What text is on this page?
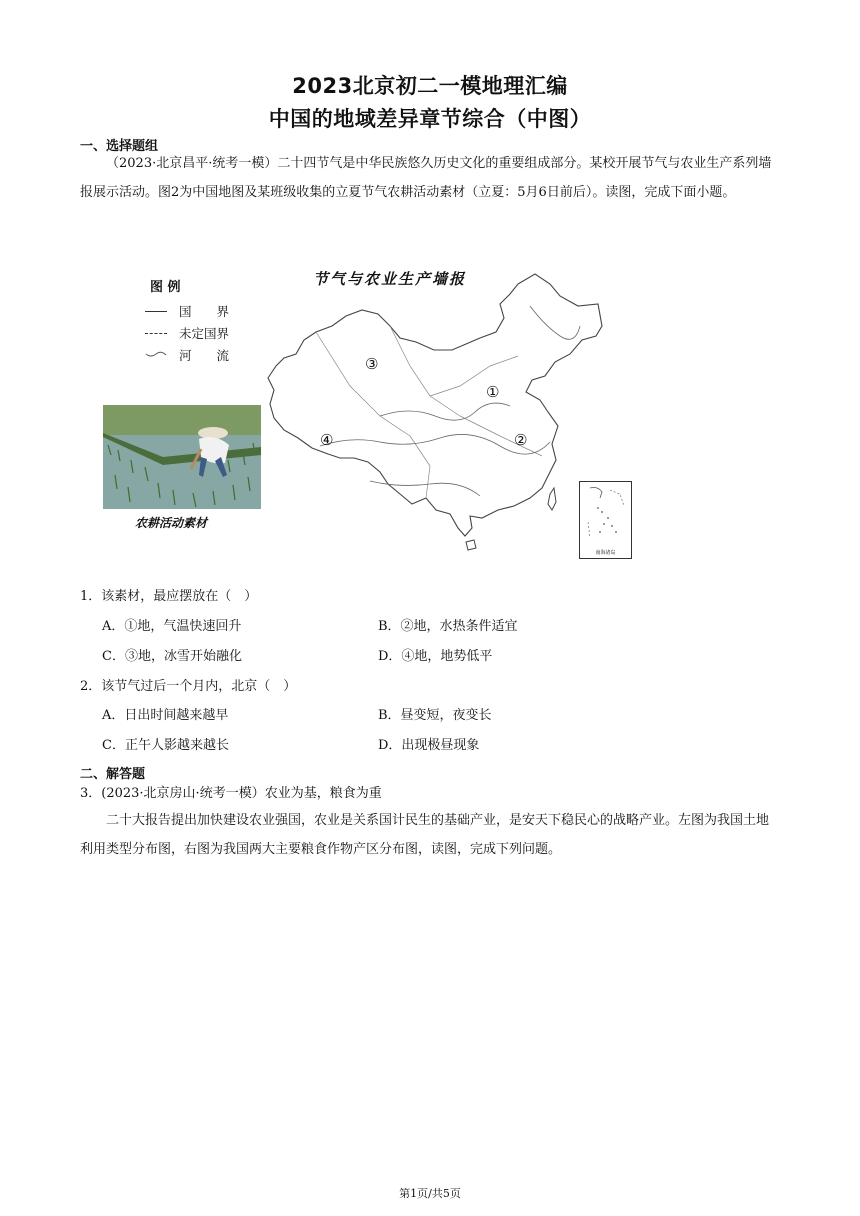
2023北京初二一模地理汇编
中国的地域差异章节综合（中图）
一、选择题组
（2023·北京昌平·统考一模）二十四节气是中华民族悠久历史文化的重要组成部分。某校开展节气与农业生产系列墙报展示活动。图2为中国地图及某班级收集的立夏节气农耕活动素材（立夏：5月6日前后）。读图，完成下面小题。
图 例
国　　界
未定国界
河　　流
农耕活动素材
节气与农业生产墙报
③
①
④	②
南海诸岛
1．该素材，最应摆放在（　）
A．①地，气温快速回升	B．②地，水热条件适宜
C．③地，冰雪开始融化	D．④地，地势低平
2．该节气过后一个月内，北京（　）
A．日出时间越来越早	B．昼变短，夜变长
C．正午人影越来越长	D．出现极昼现象
二、解答题
3．(2023·北京房山·统考一模）农业为基，粮食为重
二十大报告提出加快建设农业强国，农业是关系国计民生的基础产业，是安天下稳民心的战略产业。左图为我国土地利用类型分布图，右图为我国两大主要粮食作物产区分布图，读图，完成下列问题。
第1页/共5页
